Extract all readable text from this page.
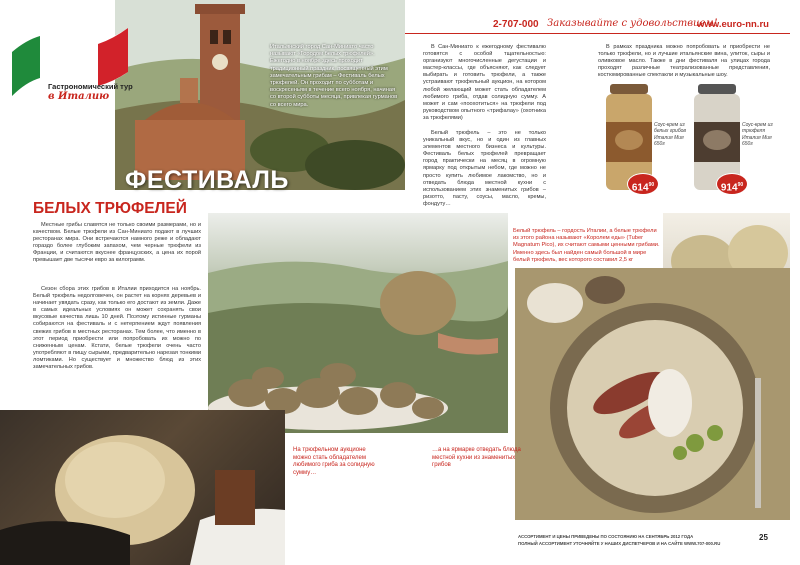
2-707-000 Заказывайте с удовольствием!
www.euro-nn.ru
Гастрономический тур
в Италию
Итальянский город Сан-Миниато часто называют «Городом белых трюфелей». Ежегодно в ноябре здесь проходит традиционный праздник, посвященный этим замечательным грибам – Фестиваль белых трюфелей. Он проходит по субботам и воскресеньям в течение всего ноября, начиная со второй субботы месяца, привлекая гурманов со всего мира.
ФЕСТИВАЛЬ
БЕЛЫХ ТРЮФЕЛЕЙ
Местные грибы славятся не только своими размерами, но и качеством. Белые трюфели из Сан-Миниато подают в лучших ресторанах мира. Они встречаются намного реже и обладают гораздо более глубоким запахом, чем черные трюфели из Франции, и считаются вкуснее французских, а цена их порой превышает две тысячи евро за килограмм.
Сезон сбора этих грибов в Италии приходится на ноябрь. Белый трюфель недолговечен, он растет на корнях деревьев и начинает увядать сразу, как только его достают из земли. Даже в самых идеальных условиях он может сохранять свои вкусовые качества лишь 10 дней. Поэтому истинные гурманы собираются на фестиваль и с нетерпением ждут появления свежих грибов в местных ресторанах. Тем более, что именно в этот период приобрести или попробовать их можно по сниженным ценам. Кстати, белые трюфели очень часто употребляют в пищу сырыми, предварительно нарезая тонкими ломтиками. Но существует и множество блюд из этих замечательных грибов.
В Сан-Миниато к ежегодному фестивалю готовятся с особой тщательностью: организуют многочисленные дегустации и мастер-классы, где объясняют, как следует выбирать и готовить трюфели, а также устраивают трюфельный аукцион, на котором любой желающий может стать обладателем любимого гриба, отдав солидную сумму. А может и сам «поохотиться» на трюфели под руководством опытного «трифалау» (охотника за трюфелями)
Белый трюфель – это не только уникальный вкус, но и один из главных элементов местного бизнеса и культуры. Фестиваль белых трюфелей превращает город практически на месяц в огромную ярмарку под открытым небом, где можно не просто купить любимое лакомство, но и отведать блюда местной кухни с использованием этих знаменитых грибов – ризотто, пасту, соусы, масло, кремы, фондуту…
В рамках праздника можно попробовать и приобрести не только трюфели, но и лучшие итальянские вина, улиток, сыры и оливковое масло. Также в дни фестиваля на улицах города проходят различные театрализованные представления, костюмированные спектакли и музыкальные шоу.
Соус-крем из белых грибов Италия Мия 650г
$614^{90}$
Соус-крем из трюфеля Италия Мия 650г
$914^{90}$
Белый трюфель – гордость Италии, а белые трюфели из этого района называют «Королем еды» (Tuber Magnatum Pico), их считают самыми ценными грибами. Именно здесь был найден самый большой в мире белый трюфель, вес которого составил 2,5 кг
На трюфельном аукционе можно стать обладателем любимого гриба за солидную сумму…
…а на ярмарке отведать блюда местной кухни из знаменитых грибов
АССОРТИМЕНТ И ЦЕНЫ ПРИВЕДЕНЫ ПО СОСТОЯНИЮ НА СЕНТЯБРЬ 2012 ГОДА
ПОЛНЫЙ АССОРТИМЕНТ УТОЧНЯЙТЕ У НАШИХ ДИСПЕТЧЕРОВ И НА САЙТЕ WWW.707-000.RU
25
